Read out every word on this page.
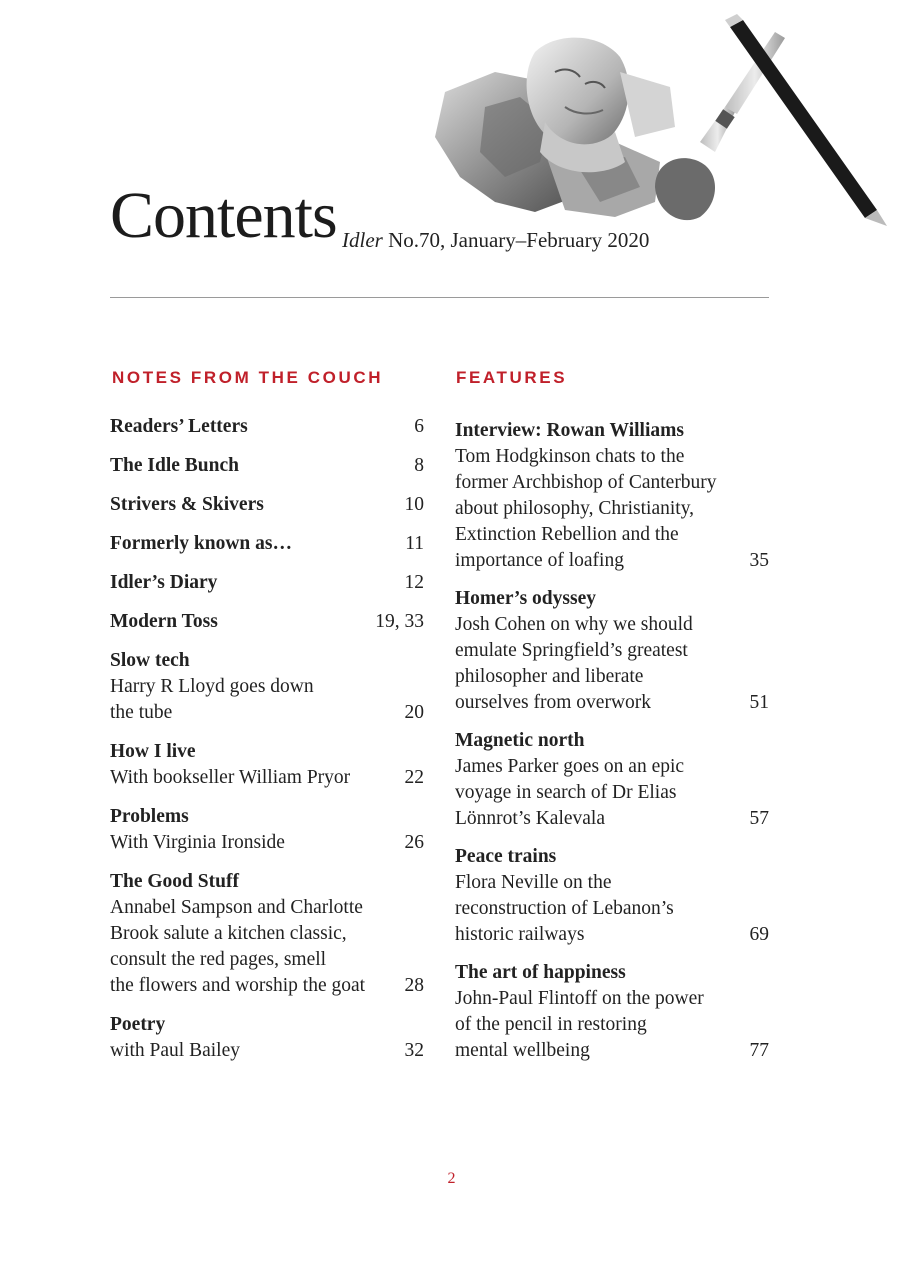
Contents Idler No.70, January–February 2020
NOTES FROM THE COUCH	FEATURES
Readers’ Letters	6
The Idle Bunch	8
Strivers & Skivers	10
Formerly known as…	11
Idler’s Diary	12
Modern Toss	19, 33
Slow tech
Harry R Lloyd goes down
the tube	20
How I live
With bookseller William Pryor	22
Problems
With Virginia Ironside	26
The Good Stuff
Annabel Sampson and Charlotte
Brook salute a kitchen classic,
consult the red pages, smell
the flowers and worship the goat 28
Poetry
with Paul Bailey	32
Interview: Rowan Williams
Tom Hodgkinson chats to the
former Archbishop of Canterbury
about philosophy, Christianity,
Extinction Rebellion and the
importance of loafing	35
Homer’s odyssey
Josh Cohen on why we should
emulate Springfield’s greatest
philosopher and liberate
ourselves from overwork	51
Magnetic north
James Parker goes on an epic
voyage in search of Dr Elias
Lönnrot’s Kalevala	57
Peace trains
Flora Neville on the
reconstruction of Lebanon’s
historic railways	69
The art of happiness
John-Paul Flintoff on the power
of the pencil in restoring
mental wellbeing	77
2
